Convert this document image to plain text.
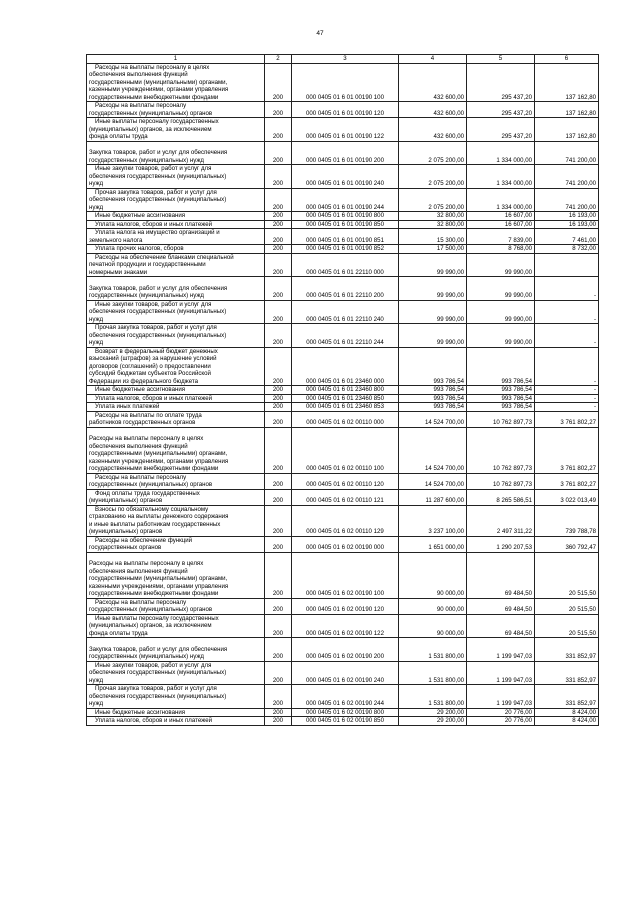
47
1	2	3	4	5	6

Расходы на выплаты персоналу в целях
обеспечения выполнения функций
государственными (муниципальными) органами,
казенными учреждениями, органами управления
государственными внебюджетными фондами	200	000 0405 01 6 01 00190 100	432 600,00	295 437,20	137 162,80

Расходы на выплаты персоналу
государственных (муниципальных) органов	200	000 0405 01 6 01 00190 120	432 600,00	295 437,20	137 162,80

Иные выплаты персоналу государственных
(муниципальных) органов, за исключением
фонда оплаты труда	200	000 0405 01 6 01 00190 122	432 600,00	295 437,20	137 162,80

Закупка товаров, работ и услуг для обеспечения
государственных (муниципальных) нужд	200	000 0405 01 6 01 00190 200	2 075 200,00	1 334 000,00	741 200,00

Иные закупки товаров, работ и услуг для
обеспечения государственных (муниципальных)
нужд	200	000 0405 01 6 01 00190 240	2 075 200,00	1 334 000,00	741 200,00

Прочая закупка товаров, работ и услуг для
обеспечения государственных (муниципальных)
нужд	200	000 0405 01 6 01 00190 244	2 075 200,00	1 334 000,00	741 200,00

Иные бюджетные ассигнования	200	000 0405 01 6 01 00190 800	32 800,00	16 607,00	16 193,00

Уплата налогов, сборов и иных платежей	200	000 0405 01 6 01 00190 850	32 800,00	16 607,00	16 193,00

Уплата налога на имущество организаций и
земельного налога	200	000 0405 01 6 01 00190 851	15 300,00	7 839,00	7 461,00

Уплата прочих налогов, сборов	200	000 0405 01 6 01 00190 852	17 500,00	8 768,00	8 732,00

Расходы на обеспечение бланками специальной
печатной продукции и государственными
номерными знаками	200	000 0405 01 6 01 22110 000	99 990,00	99 990,00	

Закупка товаров, работ и услуг для обеспечения
государственных (муниципальных) нужд	200	000 0405 01 6 01 22110 200	99 990,00	99 990,00	-

Иные закупки товаров, работ и услуг для
обеспечения государственных (муниципальных)
нужд	200	000 0405 01 6 01 22110 240	99 990,00	99 990,00	-

Прочая закупка товаров, работ и услуг для
обеспечения государственных (муниципальных)
нужд	200	000 0405 01 6 01 22110 244	99 990,00	99 990,00	-

Возврат в федеральный бюджет денежных
взысканий (штрафов) за нарушение условий
договоров (соглашений) о предоставлении
субсидий бюджетам субъектов Российской
Федерации из федерального бюджета	200	000 0405 01 6 01 23460 000	993 786,54	993 786,54	-

Иные бюджетные ассигнования	200	000 0405 01 6 01 23460 800	993 786,54	993 786,54	-

Уплата налогов, сборов и иных платежей	200	000 0405 01 6 01 23460 850	993 786,54	993 786,54	-

Уплата иных платежей	200	000 0405 01 6 01 23460 853	993 786,54	993 786,54	-

Расходы на выплаты по оплате труда
работников государственных органов	200	000 0405 01 6 02 00110 000	14 524 700,00	10 762 897,73	3 761 802,27

Расходы на выплаты персоналу в целях
обеспечения выполнения функций
государственными (муниципальными) органами,
казенными учреждениями, органами управления
государственными внебюджетными фондами	200	000 0405 01 6 02 00110 100	14 524 700,00	10 762 897,73	3 761 802,27

Расходы на выплаты персоналу
государственных (муниципальных) органов	200	000 0405 01 6 02 00110 120	14 524 700,00	10 762 897,73	3 761 802,27

Фонд оплаты труда государственных
(муниципальных) органов	200	000 0405 01 6 02 00110 121	11 287 600,00	8 265 586,51	3 022 013,49

Взносы по обязательному социальному
страхованию на выплаты денежного содержания
и иные выплаты работникам государственных
(муниципальных) органов	200	000 0405 01 6 02 00110 129	3 237 100,00	2 497 311,22	739 788,78

Расходы на обеспечение функций
государственных органов	200	000 0405 01 6 02 00190 000	1 651 000,00	1 290 207,53	360 792,47

Расходы на выплаты персоналу в целях
обеспечения выполнения функций
государственными (муниципальными) органами,
казенными учреждениями, органами управления
государственными внебюджетными фондами	200	000 0405 01 6 02 00190 100	90 000,00	69 484,50	20 515,50

Расходы на выплаты персоналу
государственных (муниципальных) органов	200	000 0405 01 6 02 00190 120	90 000,00	69 484,50	20 515,50

Иные выплаты персоналу государственных
(муниципальных) органов, за исключением
фонда оплаты труда	200	000 0405 01 6 02 00190 122	90 000,00	69 484,50	20 515,50

Закупка товаров, работ и услуг для обеспечения
государственных (муниципальных) нужд	200	000 0405 01 6 02 00190 200	1 531 800,00	1 199 947,03	331 852,97

Иные закупки товаров, работ и услуг для
обеспечения государственных (муниципальных)
нужд	200	000 0405 01 6 02 00190 240	1 531 800,00	1 199 947,03	331 852,97

Прочая закупка товаров, работ и услуг для
обеспечения государственных (муниципальных)
нужд	200	000 0405 01 6 02 00190 244	1 531 800,00	1 199 947,03	331 852,97

Иные бюджетные ассигнования	200	000 0405 01 6 02 00190 800	29 200,00	20 776,00	8 424,00

Уплата налогов, сборов и иных платежей	200	000 0405 01 6 02 00190 850	29 200,00	20 776,00	8 424,00
